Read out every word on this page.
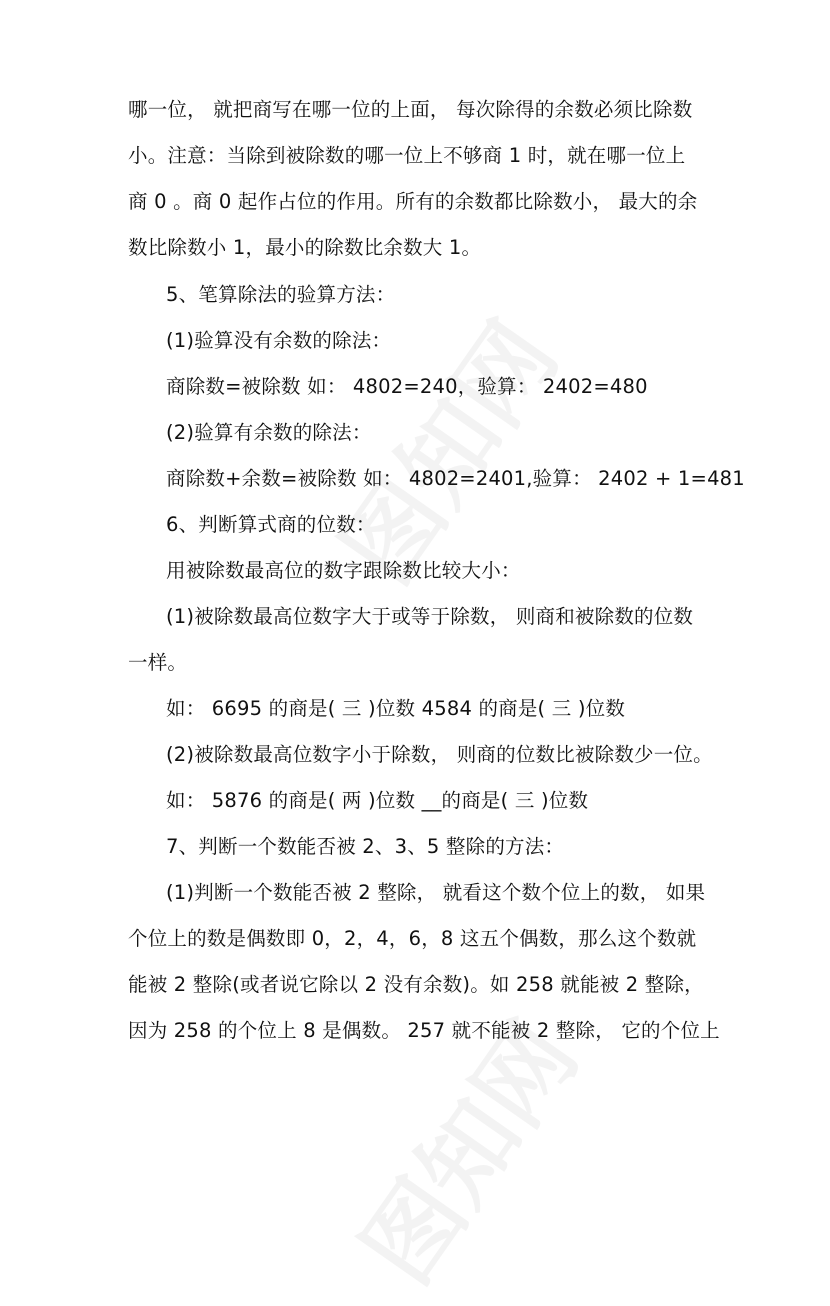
哪一位， 就把商写在哪一位的上面， 每次除得的余数必须比除数
小。注意：当除到被除数的哪一位上不够商 1 时，就在哪一位上
商 0 。商 0 起作占位的作用。所有的余数都比除数小， 最大的余
数比除数小 1，最小的除数比余数大 1。
5、笔算除法的验算方法：
(1)验算没有余数的除法：
商除数=被除数 如： 4802=240，验算： 2402=480
(2)验算有余数的除法：
商除数+余数=被除数 如： 4802=2401,验算： 2402 + 1=481
6、判断算式商的位数：
用被除数最高位的数字跟除数比较大小：
(1)被除数最高位数字大于或等于除数， 则商和被除数的位数
一样。
如： 6695 的商是( 三 )位数 4584 的商是( 三 )位数
(2)被除数最高位数字小于除数， 则商的位数比被除数少一位。
如： 5876 的商是( 两 )位数 __的商是( 三 )位数
7、判断一个数能否被 2、3、5 整除的方法：
(1)判断一个数能否被 2 整除， 就看这个数个位上的数， 如果
个位上的数是偶数即 0，2，4，6，8 这五个偶数，那么这个数就
能被 2 整除(或者说它除以 2 没有余数)。如 258 就能被 2 整除，
因为 258 的个位上 8 是偶数。 257 就不能被 2 整除， 它的个位上
